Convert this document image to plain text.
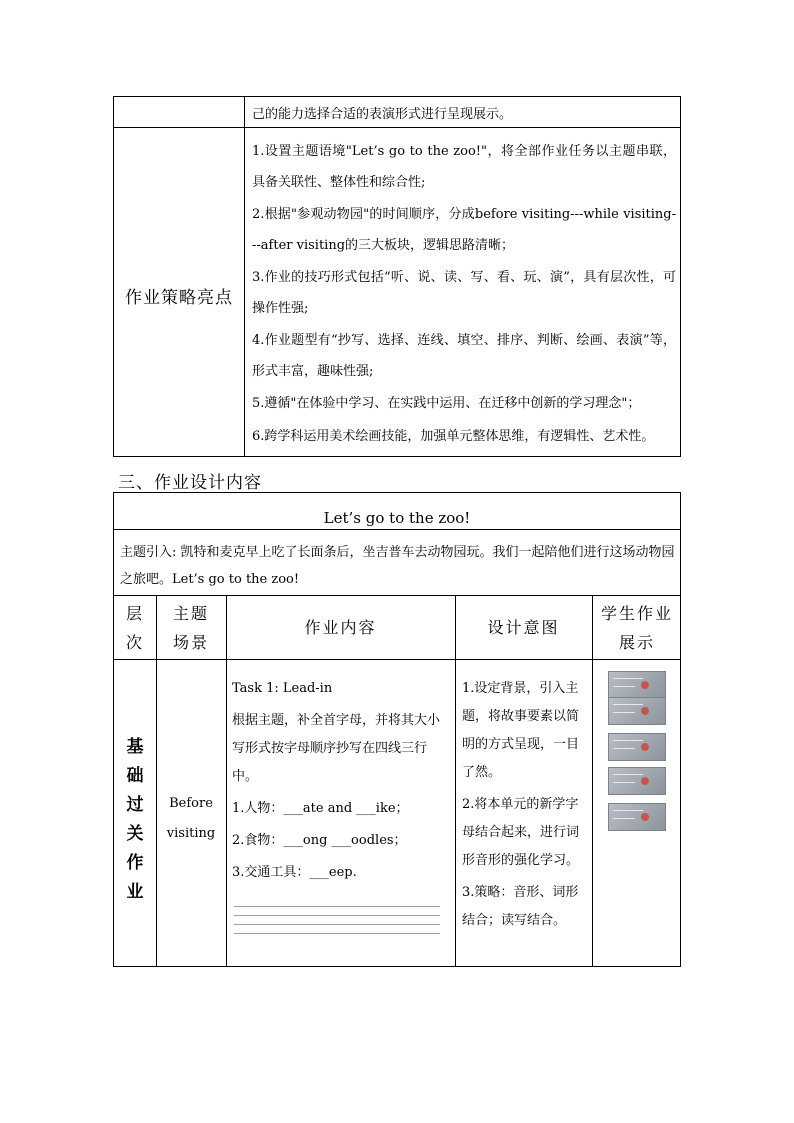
己的能力选择合适的表演形式进行呈现展示。
作业策略亮点

1.设置主题语境"Let’s go to the zoo!"，将全部作业任务以主题串联，具备关联性、整体性和综合性;

2.根据"参观动物园"的时间顺序，分成before visiting---while visiting---after visiting的三大板块，逻辑思路清晰；

3.作业的技巧形式包括“听、说、读、写、看、玩、演”，具有层次性，可操作性强;

4.作业题型有“抄写、选择、连线、填空、排序、判断、绘画、表演”等，形式丰富，趣味性强;

5.遵循"在体验中学习、在实践中运用、在迁移中创新的学习理念"；

6.跨学科运用美术绘画技能，加强单元整体思维，有逻辑性、艺术性。

三、作业设计内容
Let’s go to the zoo!
主题引入: 凯特和麦克早上吃了长面条后，坐吉普车去动物园玩。我们一起陪他们进行这场动物园之旅吧。Let’s go to the zoo!
层次
主题场景
作业内容	设计意图
学生作业展示
基础过关作业
Before visiting

Task 1: Lead-in

根据主题，补全首字母，并将其大小写形式按字母顺序抄写在四线三行中。

1.人物：___ate and ___ike；

2.食物：___ong ___oodles；

3.交通工具：___eep.

1.设定背景，引入主题，将故事要素以简明的方式呈现，一目了然。

2.将本单元的新学字母结合起来，进行词形音形的强化学习。

3.策略：音形、词形结合；读写结合。
